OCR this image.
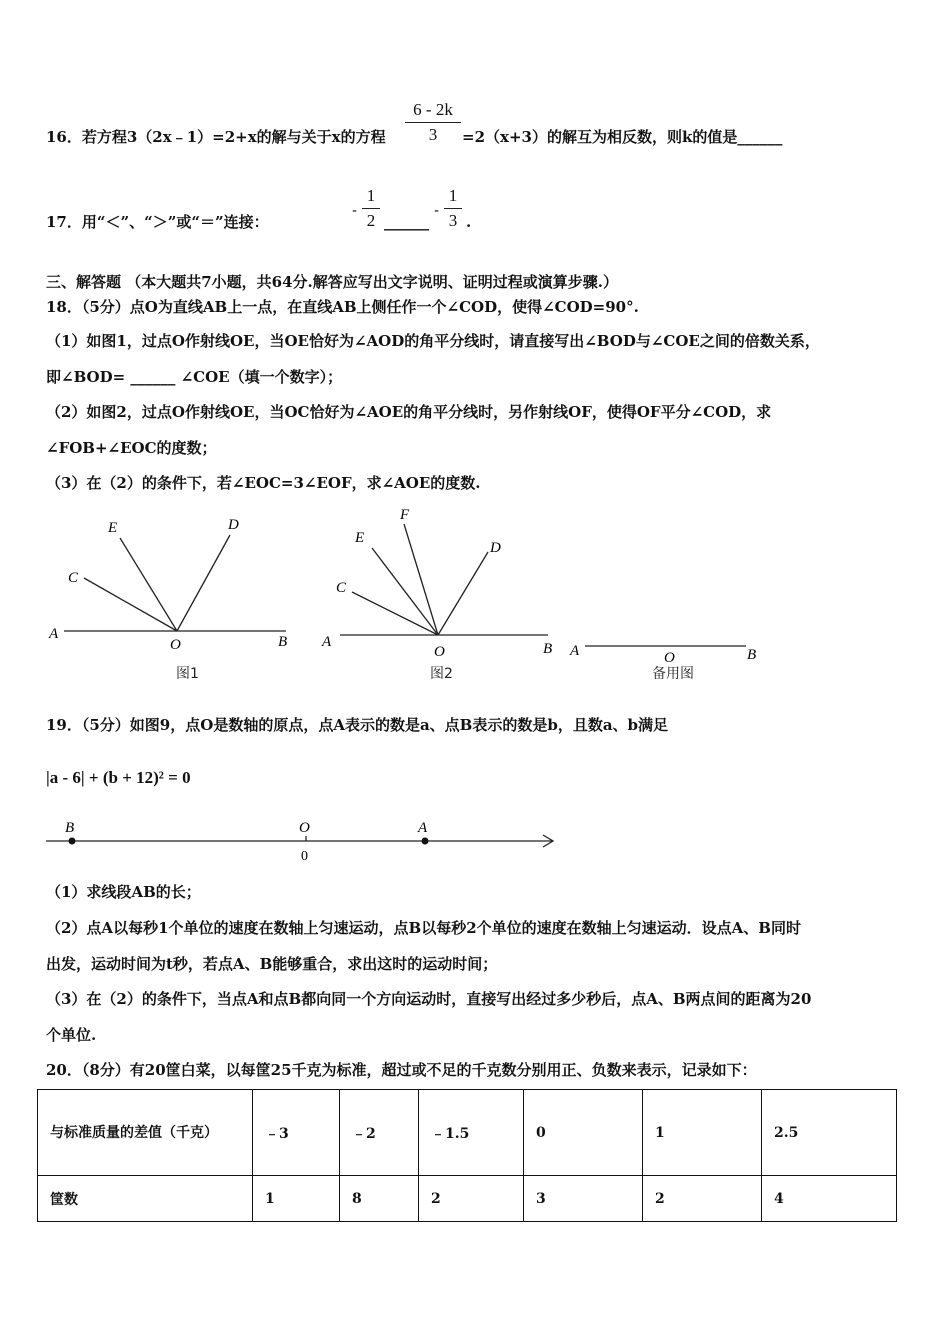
16．若方程3（2x﹣1）=2+x的解与关于x的方程
6 - 2k
3	=2（x+3）的解互为相反数，则k的值是______
17．用“＜”、“＞”或“＝”连接：
-
1
2 ______
-
1
3 .
三、解答题 （本大题共7小题，共64分.解答应写出文字说明、证明过程或演算步骤.）
18．（5分）点O为直线AB上一点，在直线AB上侧任作一个∠COD，使得∠COD=90°.
（1）如图1，过点O作射线OE，当OE恰好为∠AOD的角平分线时，请直接写出∠BOD与∠COE之间的倍数关系，
即∠BOD= ______ ∠COE（填一个数字）；
（2）如图2，过点O作射线OE，当OC恰好为∠AOE的角平分线时，另作射线OF，使得OF平分∠COD，求
∠FOB+∠EOC的度数；
（3）在（2）的条件下，若∠EOC=3∠EOF，求∠AOE的度数.
A	B
O
C
E	D
A	B
O
C
E
F
D
A	B
O
图1	图2	备用图
19．（5分）如图9，点O是数轴的原点，点A表示的数是a、点B表示的数是b，且数a、b满足
|a - 6| + (b + 12)² = 0
B	O	A
0
（1）求线段AB的长；
（2）点A以每秒1个单位的速度在数轴上匀速运动，点B以每秒2个单位的速度在数轴上匀速运动．设点A、B同时
出发，运动时间为t秒，若点A、B能够重合，求出这时的运动时间；
（3）在（2）的条件下，当点A和点B都向同一个方向运动时，直接写出经过多少秒后，点A、B两点间的距离为20
个单位.
20．（8分）有20筐白菜，以每筐25千克为标准，超过或不足的千克数分别用正、负数来表示，记录如下：
与标准质量的差值（千克）	﹣3	﹣2	﹣1.5	0	1	2.5
筐数	1	8	2	3	2	4
